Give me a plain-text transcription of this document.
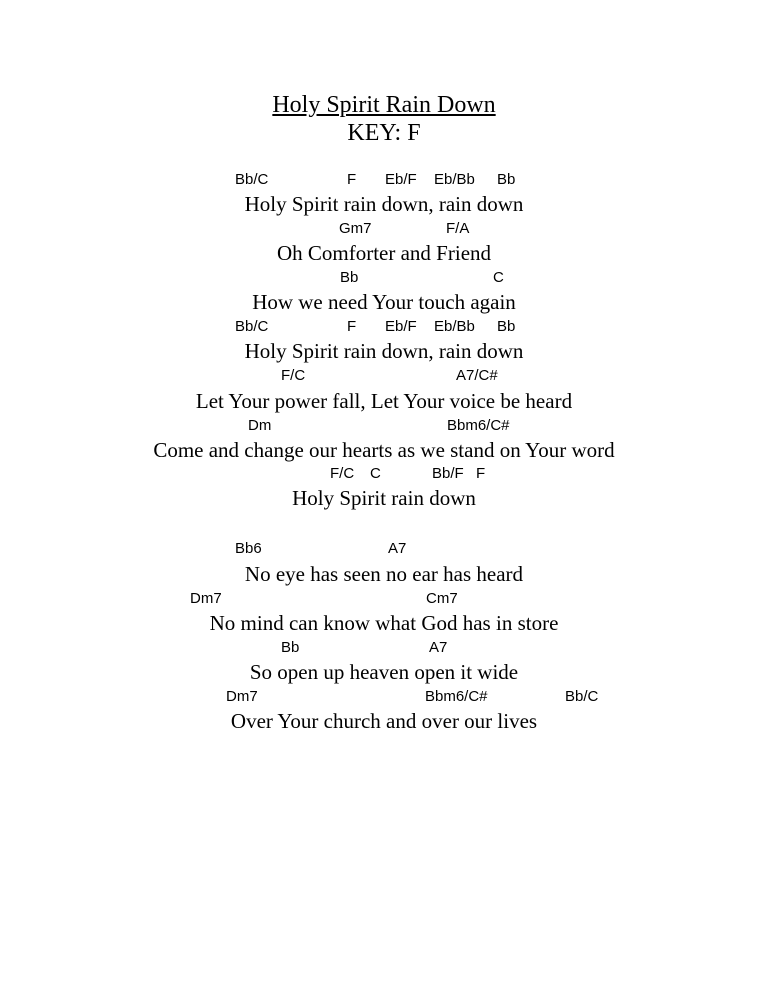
Holy Spirit Rain Down
KEY: F
Bb/C	F Eb/F Eb/Bb Bb
Holy Spirit rain down, rain down
Gm7	F/A
Oh Comforter and Friend
Bb	C
How we need Your touch again
Bb/C	F Eb/F Eb/Bb Bb
Holy Spirit rain down, rain down
F/C	A7/C#
Let Your power fall, Let Your voice be heard
Dm	Bbm6/C#
Come and change our hearts as we stand on Your word
F/C C	Bb/F F
Holy Spirit rain down
Bb6	A7
No eye has seen no ear has heard
Dm7	Cm7
No mind can know what God has in store
Bb	A7
So open up heaven open it wide
Dm7	Bbm6/C#	Bb/C
Over Your church and over our lives
